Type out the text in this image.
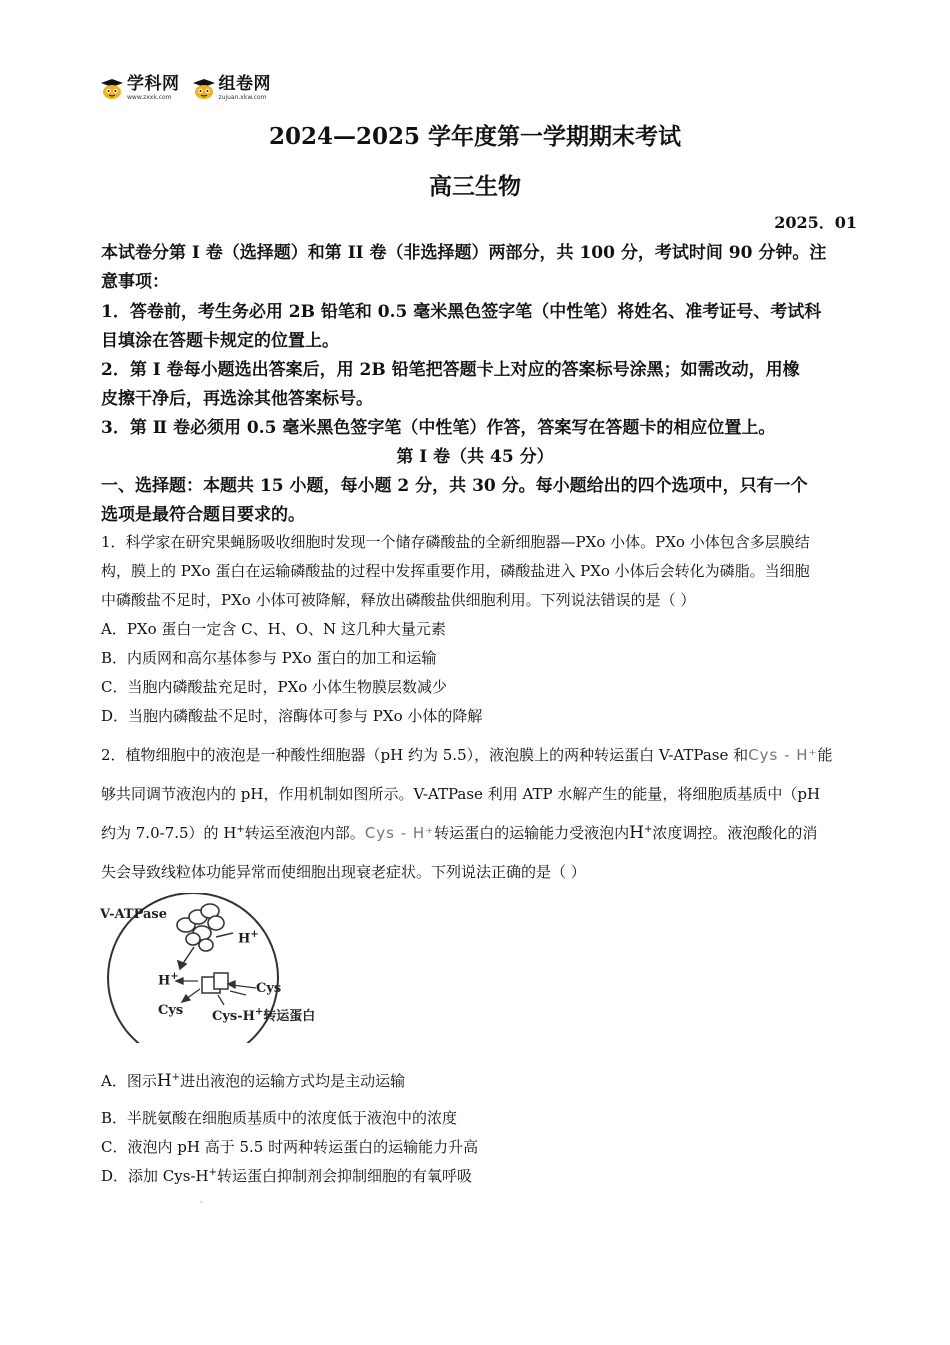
学科网
www.zxxk.com
组卷网
zujuan.xkw.com
2024—2025 学年度第一学期期末考试
高三生物
2025．01
本试卷分第 I 卷（选择题）和第 II 卷（非选择题）两部分，共 100 分，考试时间 90 分钟。注
意事项：
1．答卷前，考生务必用 2B 铅笔和 0.5 毫米黑色签字笔（中性笔）将姓名、准考证号、考试科
目填涂在答题卡规定的位置上。
2．第 I 卷每小题选出答案后，用 2B 铅笔把答题卡上对应的答案标号涂黑；如需改动，用橡
皮擦干净后，再选涂其他答案标号。
3．第 Ⅱ 卷必须用 0.5 毫米黑色签字笔（中性笔）作答，答案写在答题卡的相应位置上。
第 I 卷（共 45 分）
一、选择题：本题共 15 小题，每小题 2 分，共 30 分。每小题给出的四个选项中，只有一个
选项是最符合题目要求的。
1．科学家在研究果蝇肠吸收细胞时发现一个储存磷酸盐的全新细胞器—PXo 小体。PXo 小体包含多层膜结
构，膜上的 PXo 蛋白在运输磷酸盐的过程中发挥重要作用，磷酸盐进入 PXo 小体后会转化为磷脂。当细胞
中磷酸盐不足时，PXo 小体可被降解，释放出磷酸盐供细胞利用。下列说法错误的是（ ）
A．PXo 蛋白一定含 C、H、O、N 这几种大量元素
B．内质网和高尔基体参与 PXo 蛋白的加工和运输
C．当胞内磷酸盐充足时，PXo 小体生物膜层数减少
D．当胞内磷酸盐不足时，溶酶体可参与 PXo 小体的降解
2．植物细胞中的液泡是一种酸性细胞器（pH 约为 5.5），液泡膜上的两种转运蛋白 V-ATPase 和Cys - H⁺能
够共同调节液泡内的 pH，作用机制如图所示。V-ATPase 利用 ATP 水解产生的能量，将细胞质基质中（pH
约为 7.0-7.5）的 H+转运至液泡内部。Cys - H⁺转运蛋白的运输能力受液泡内H+浓度调控。液泡酸化的消
失会导致线粒体功能异常而使细胞出现衰老症状。下列说法正确的是（ ）
V-ATPase
H+
H+
Cys
Cys Cys-H+转运蛋白
A．图示H+进出液泡的运输方式均是主动运输
B．半胱氨酸在细胞质基质中的浓度低于液泡中的浓度
C．液泡内 pH 高于 5.5 时两种转运蛋白的运输能力升高
D．添加 Cys-H+转运蛋白抑制剂会抑制细胞的有氧呼吸
·
